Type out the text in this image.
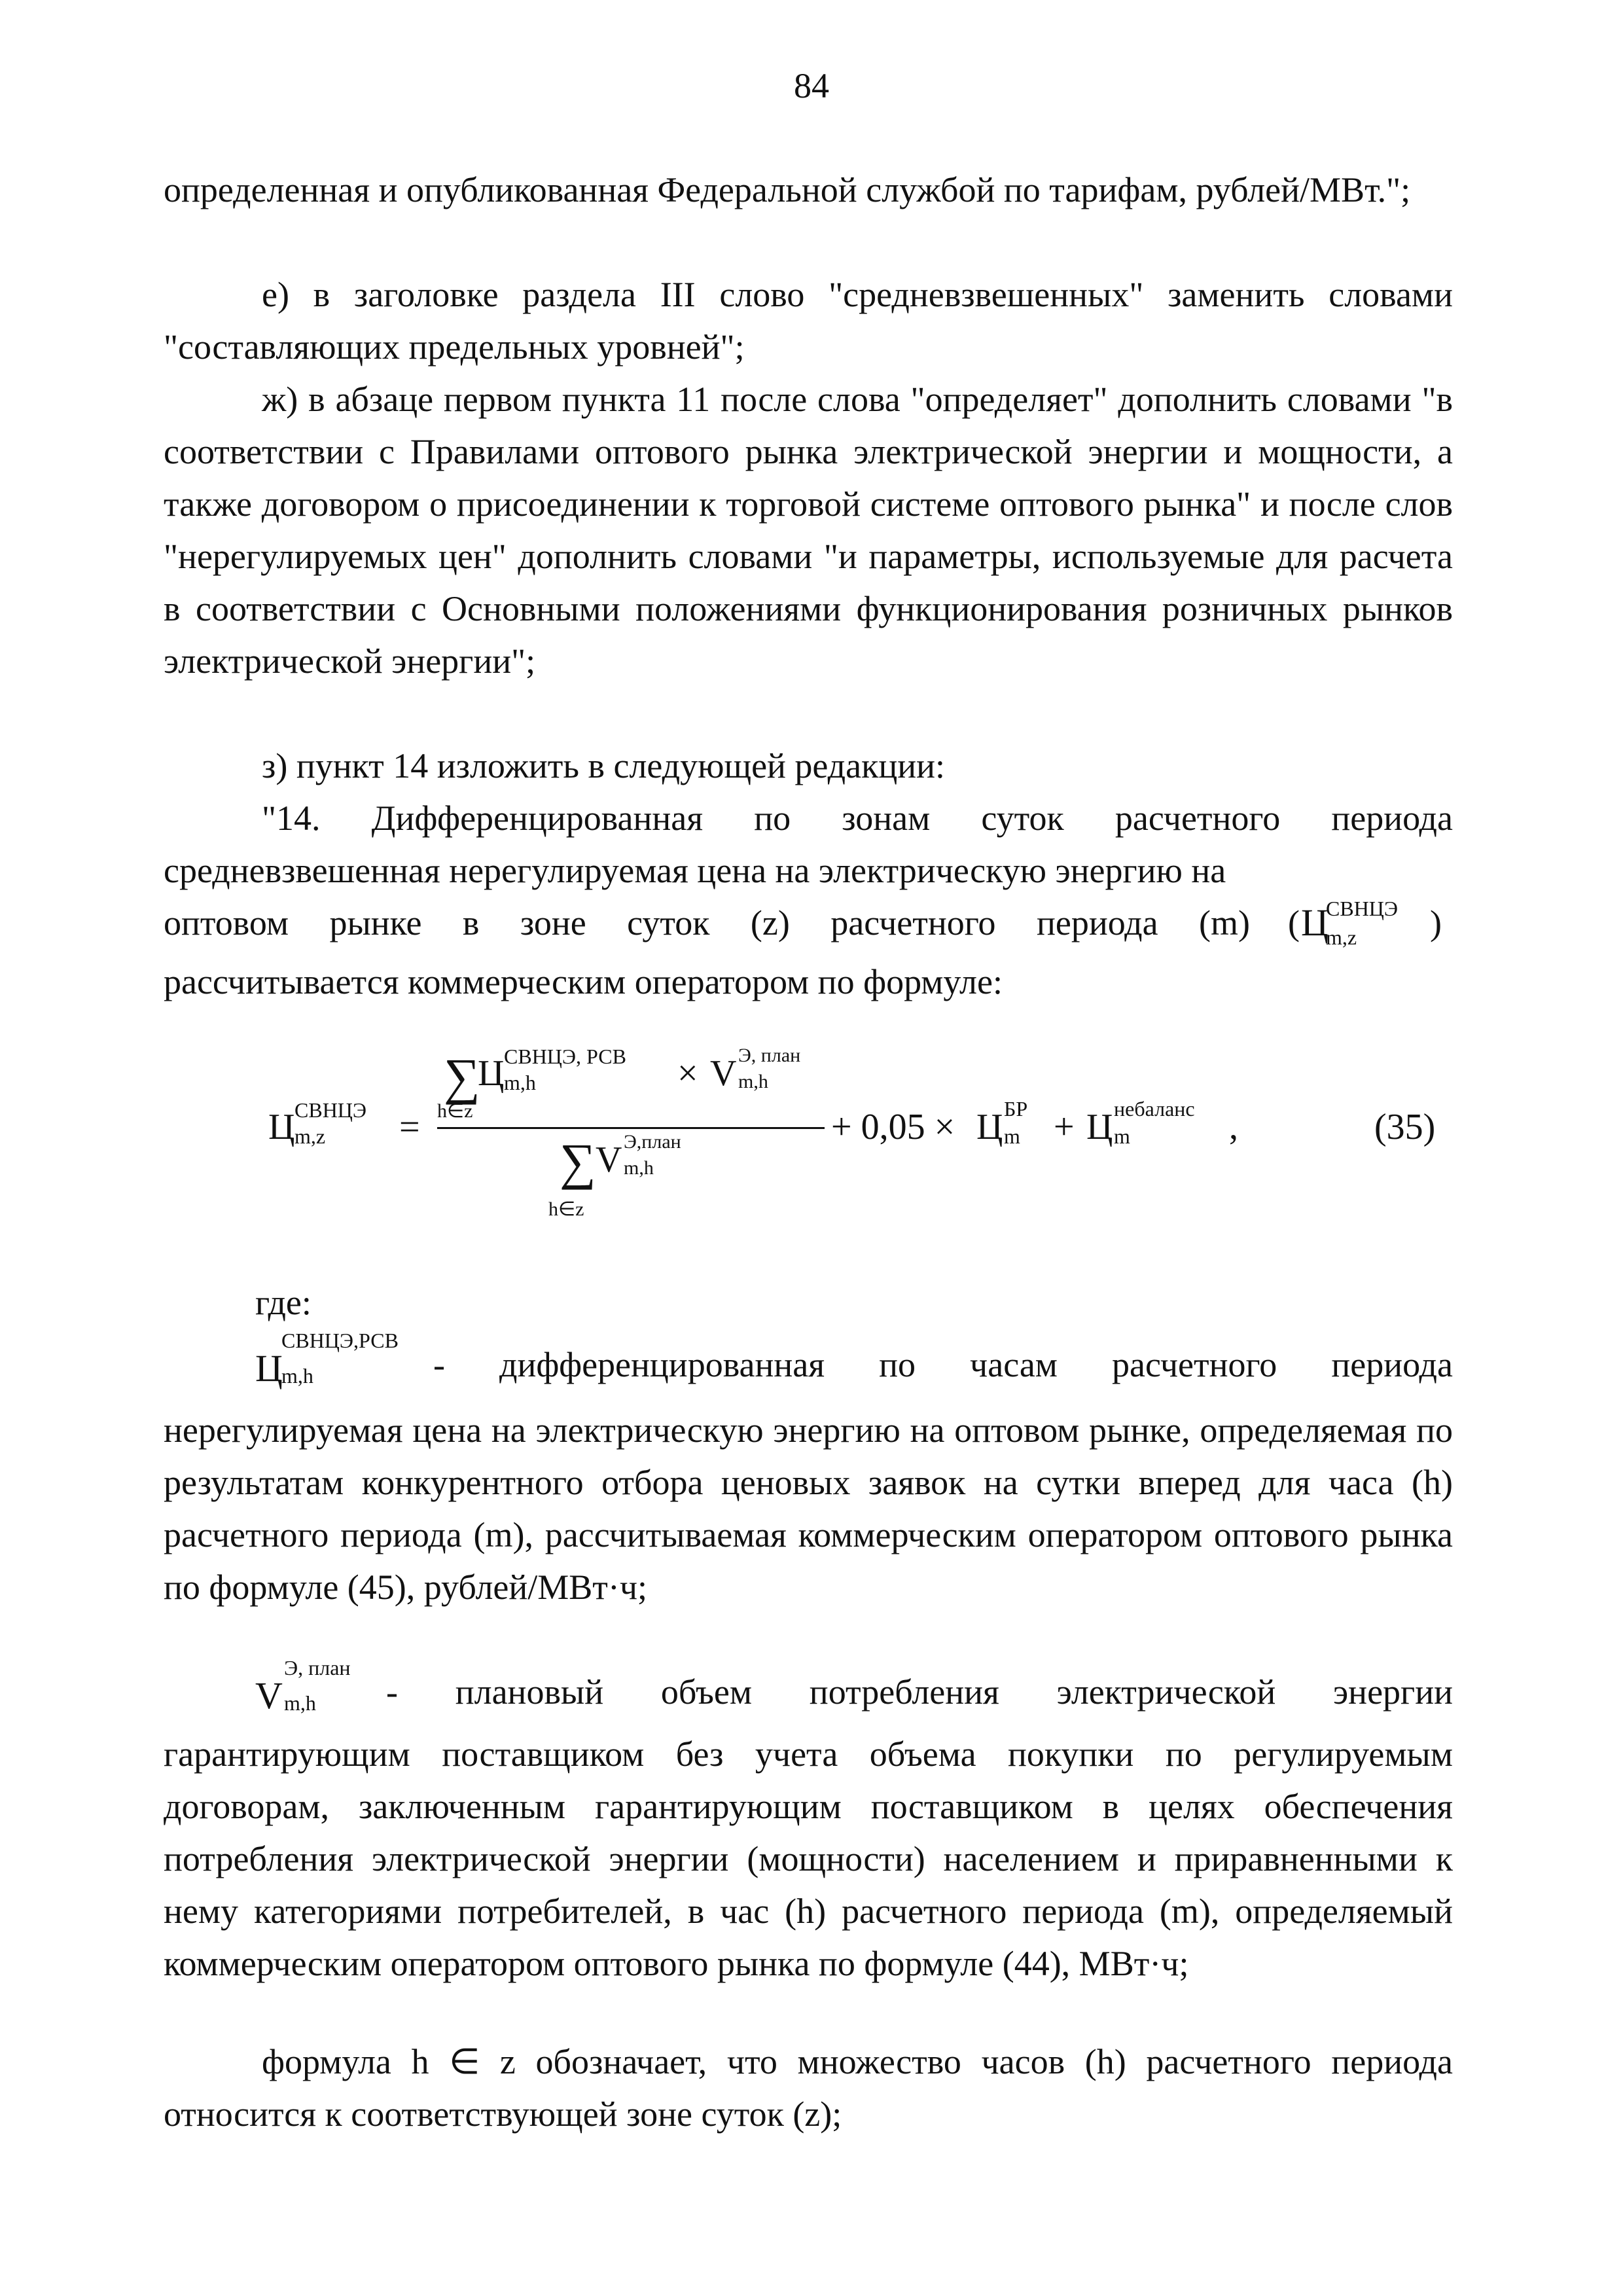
84
определенная и опубликованная Федеральной службой по тарифам, рублей/МВт.";
е) в заголовке раздела III слово "средневзвешенных" заменить словами "составляющих предельных уровней";
ж) в абзаце первом пункта 11 после слова "определяет" дополнить словами "в соответствии с Правилами оптового рынка электрической энергии и мощности, а также договором о присоединении к торговой системе оптового рынка" и после слов "нерегулируемых цен" дополнить словами "и параметры, используемые для расчета в соответствии с Основными положениями функционирования розничных рынков электрической энергии";
з) пункт 14 изложить в следующей редакции:
"14. Дифференцированная по зонам суток расчетного периода средневзвешенная нерегулируемая цена на электрическую энергию на
оптовом рынке в зоне суток (z) расчетного периода (m) ( Ц
СВНЦЭ
m,z )
рассчитывается коммерческим оператором по формуле:
Ц СВНЦЭ
m,z =
∑
h∈z
Ц СВНЦЭ, РСВ
m,h	× V Э, план
m,h
∑
h∈z
V Э,план
m,h
+ 0,05 × Ц БР
m + Ц небаланс
m	,	(35)
где:
Ц
СВНЦЭ,РСВ
m,h	- дифференцированная по часам расчетного периода
нерегулируемая цена на электрическую энергию на оптовом рынке, определяемая по результатам конкурентного отбора ценовых заявок на сутки вперед для часа (h) расчетного периода (m), рассчитываемая коммерческим оператором оптового рынка по формуле (45), рублей/МВт·ч;
V
Э, план
m,h - плановый объем потребления электрической энергии
гарантирующим поставщиком без учета объема покупки по регулируемым договорам, заключенным гарантирующим поставщиком в целях обеспечения потребления электрической энергии (мощности) населением и приравненными к нему категориями потребителей, в час (h) расчетного периода (m), определяемый коммерческим оператором оптового рынка по формуле (44), МВт·ч;
формула h ∈ z обозначает, что множество часов (h) расчетного периода относится к соответствующей зоне суток (z);
